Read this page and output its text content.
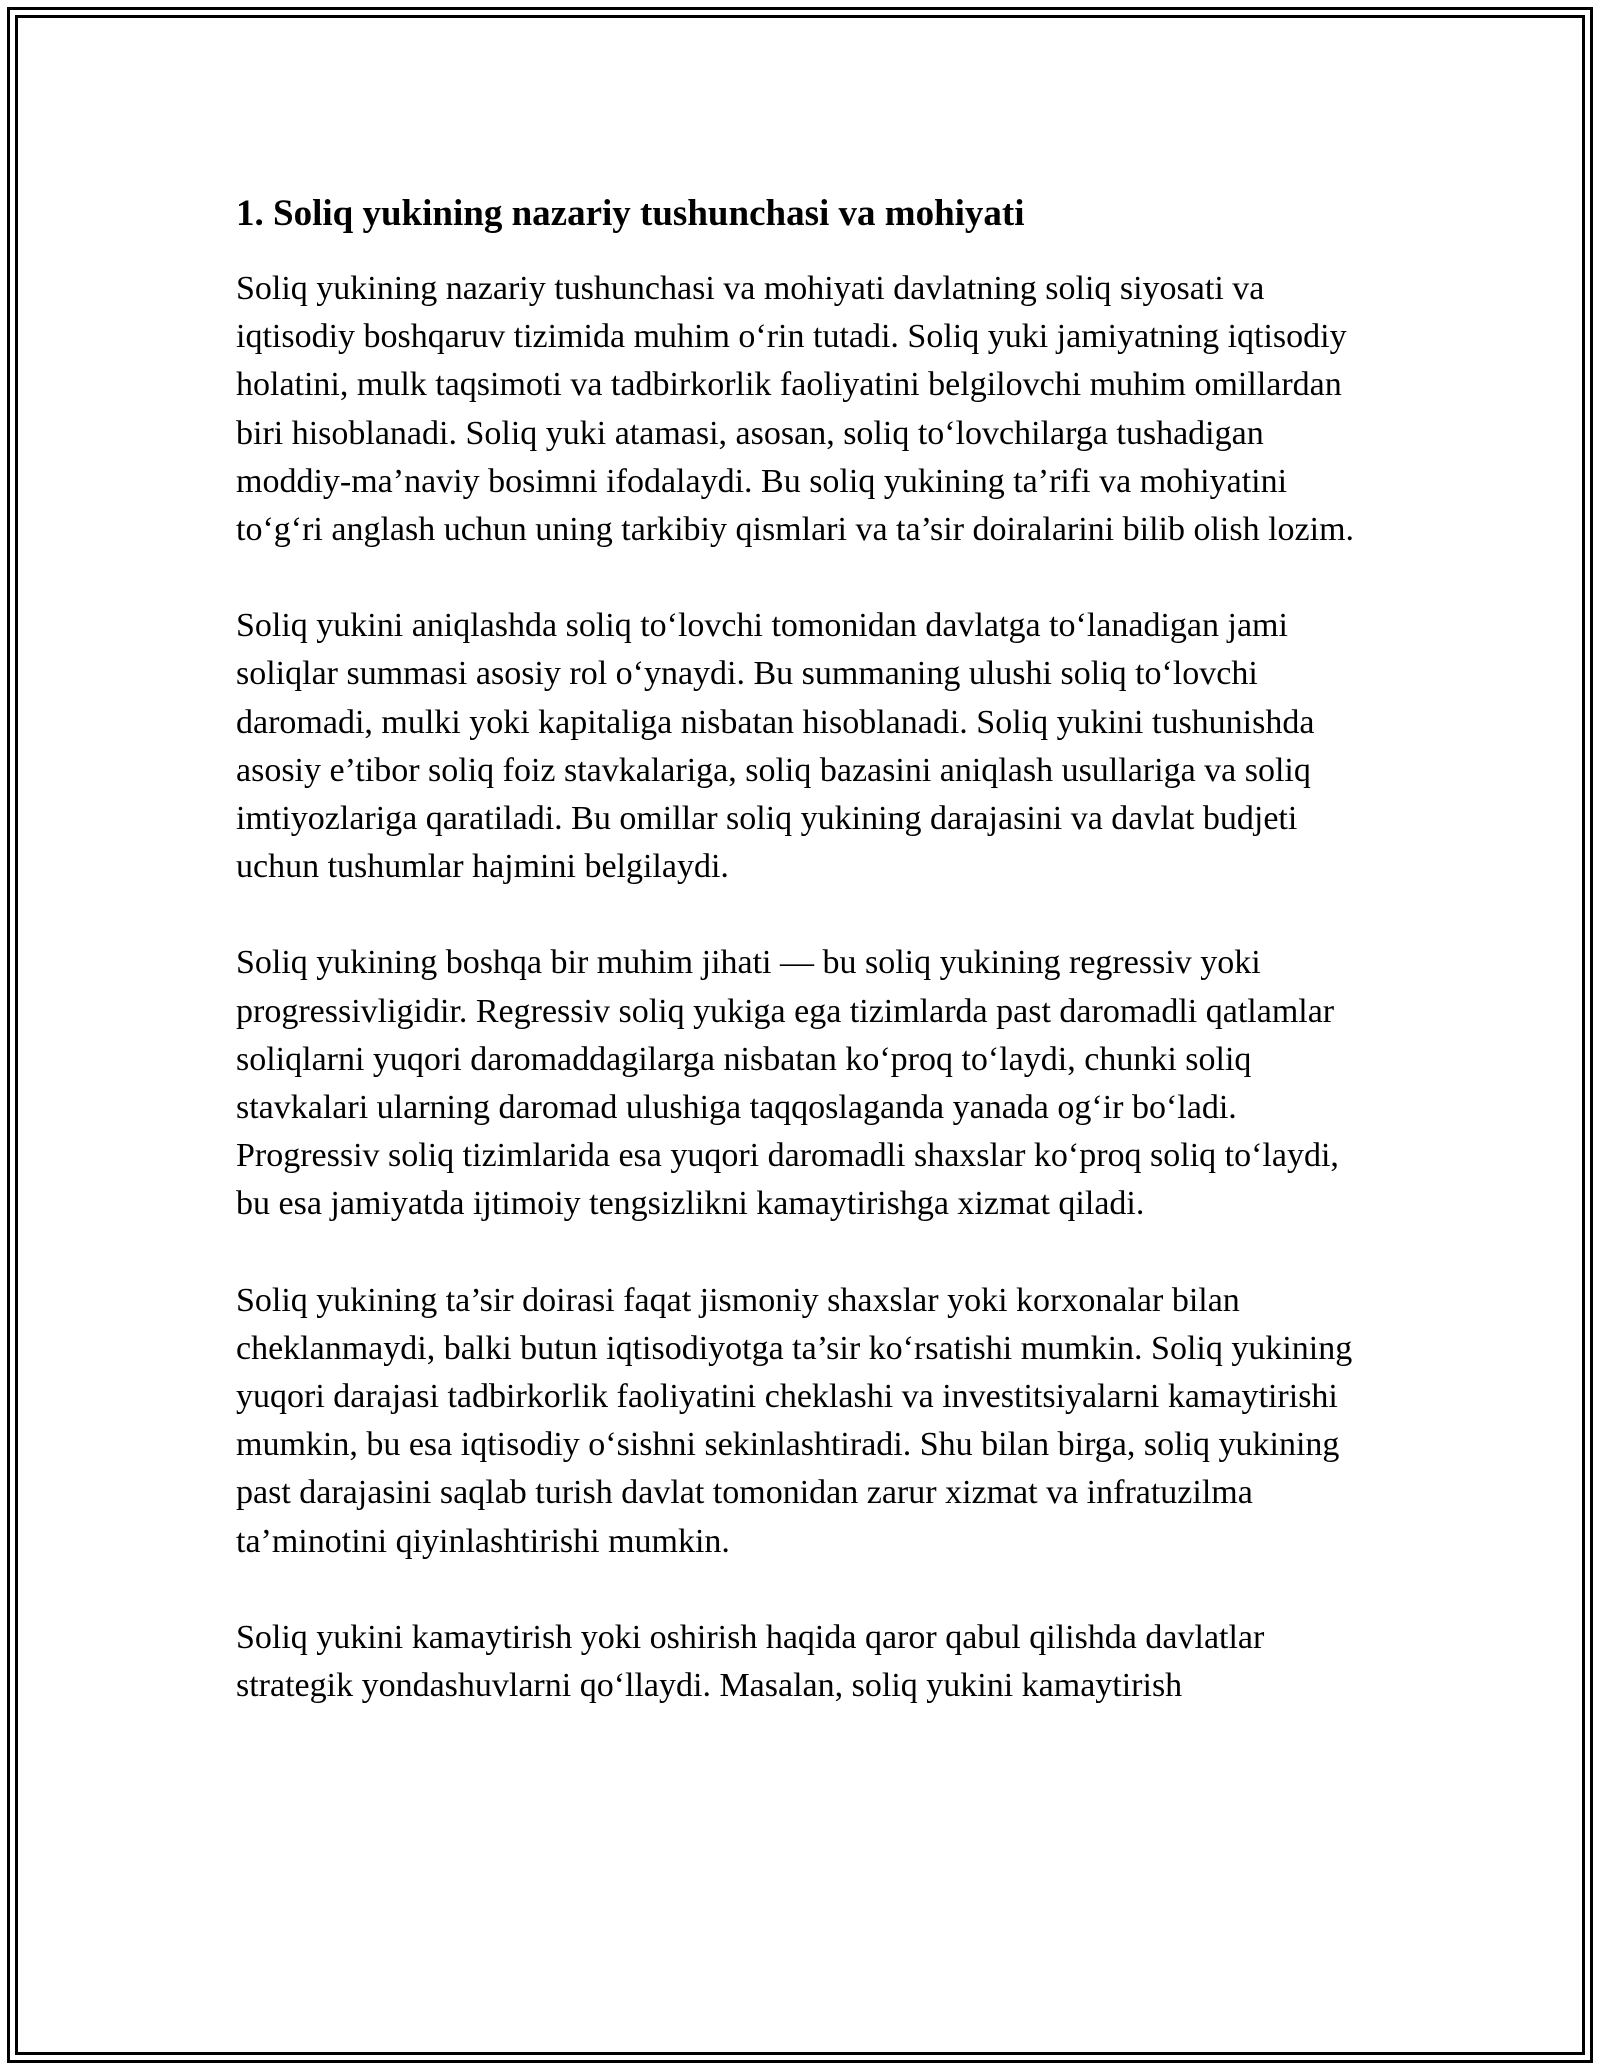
1. Soliq yukining nazariy tushunchasi va mohiyati

Soliq yukining nazariy tushunchasi va mohiyati davlatning soliq siyosati va iqtisodiy boshqaruv tizimida muhim o‘rin tutadi. Soliq yuki jamiyatning iqtisodiy holatini, mulk taqsimoti va tadbirkorlik faoliyatini belgilovchi muhim omillardan biri hisoblanadi. Soliq yuki atamasi, asosan, soliq to‘lovchilarga tushadigan moddiy-ma’naviy bosimni ifodalaydi. Bu soliq yukining ta’rifi va mohiyatini to‘g‘ri anglash uchun uning tarkibiy qismlari va ta’sir doiralarini bilib olish lozim.

Soliq yukini aniqlashda soliq to‘lovchi tomonidan davlatga to‘lanadigan jami soliqlar summasi asosiy rol o‘ynaydi. Bu summaning ulushi soliq to‘lovchi daromadi, mulki yoki kapitaliga nisbatan hisoblanadi. Soliq yukini tushunishda asosiy e’tibor soliq foiz stavkalariga, soliq bazasini aniqlash usullariga va soliq imtiyozlariga qaratiladi. Bu omillar soliq yukining darajasini va davlat budjeti uchun tushumlar hajmini belgilaydi.

Soliq yukining boshqa bir muhim jihati — bu soliq yukining regressiv yoki progressivligidir. Regressiv soliq yukiga ega tizimlarda past daromadli qatlamlar soliqlarni yuqori daromaddagilarga nisbatan ko‘proq to‘laydi, chunki soliq stavkalari ularning daromad ulushiga taqqoslaganda yanada og‘ir bo‘ladi. Progressiv soliq tizimlarida esa yuqori daromadli shaxslar ko‘proq soliq to‘laydi, bu esa jamiyatda ijtimoiy tengsizlikni kamaytirishga xizmat qiladi.

Soliq yukining ta’sir doirasi faqat jismoniy shaxslar yoki korxonalar bilan cheklanmaydi, balki butun iqtisodiyotga ta’sir ko‘rsatishi mumkin. Soliq yukining yuqori darajasi tadbirkorlik faoliyatini cheklashi va investitsiyalarni kamaytirishi mumkin, bu esa iqtisodiy o‘sishni sekinlashtiradi. Shu bilan birga, soliq yukining past darajasini saqlab turish davlat tomonidan zarur xizmat va infratuzilma ta’minotini qiyinlashtirishi mumkin.

Soliq yukini kamaytirish yoki oshirish haqida qaror qabul qilishda davlatlar strategik yondashuvlarni qo‘llaydi. Masalan, soliq yukini kamaytirish
